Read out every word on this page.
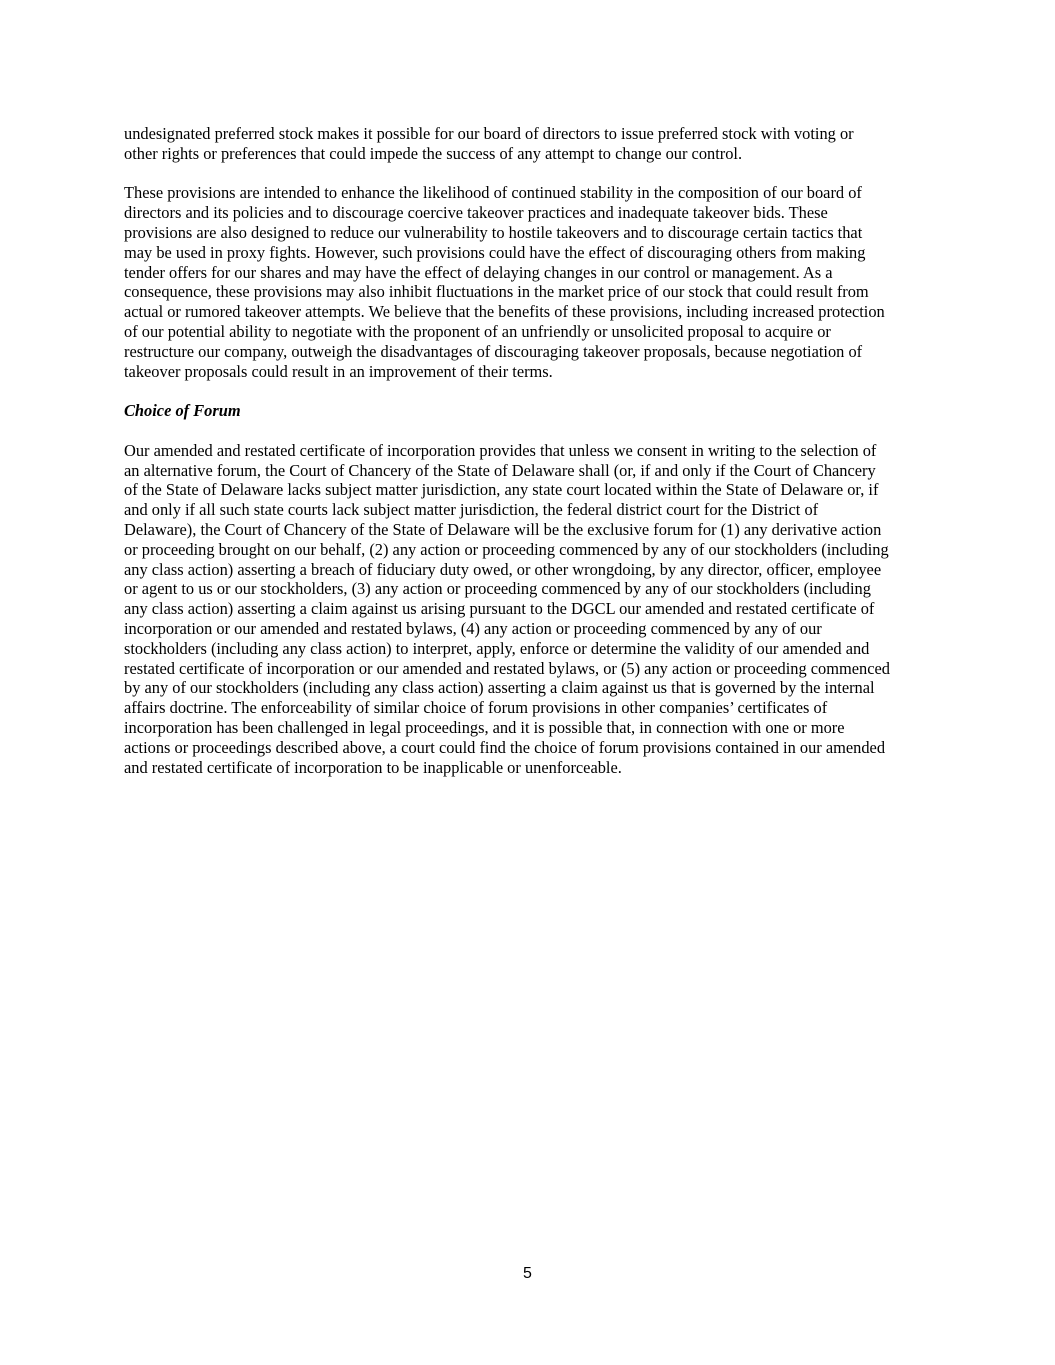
undesignated preferred stock makes it possible for our board of directors to issue preferred stock with voting or
other rights or preferences that could impede the success of any attempt to change our control.

These provisions are intended to enhance the likelihood of continued stability in the composition of our board of
directors and its policies and to discourage coercive takeover practices and inadequate takeover bids. These
provisions are also designed to reduce our vulnerability to hostile takeovers and to discourage certain tactics that
may be used in proxy fights. However, such provisions could have the effect of discouraging others from making
tender offers for our shares and may have the effect of delaying changes in our control or management. As a
consequence, these provisions may also inhibit fluctuations in the market price of our stock that could result from
actual or rumored takeover attempts. We believe that the benefits of these provisions, including increased protection
of our potential ability to negotiate with the proponent of an unfriendly or unsolicited proposal to acquire or
restructure our company, outweigh the disadvantages of discouraging takeover proposals, because negotiation of
takeover proposals could result in an improvement of their terms.

Choice of Forum

Our amended and restated certificate of incorporation provides that unless we consent in writing to the selection of
an alternative forum, the Court of Chancery of the State of Delaware shall (or, if and only if the Court of Chancery
of the State of Delaware lacks subject matter jurisdiction, any state court located within the State of Delaware or, if
and only if all such state courts lack subject matter jurisdiction, the federal district court for the District of
Delaware), the Court of Chancery of the State of Delaware will be the exclusive forum for (1) any derivative action
or proceeding brought on our behalf, (2) any action or proceeding commenced by any of our stockholders (including
any class action) asserting a breach of fiduciary duty owed, or other wrongdoing, by any director, officer, employee
or agent to us or our stockholders, (3) any action or proceeding commenced by any of our stockholders (including
any class action) asserting a claim against us arising pursuant to the DGCL our amended and restated certificate of
incorporation or our amended and restated bylaws, (4) any action or proceeding commenced by any of our
stockholders (including any class action) to interpret, apply, enforce or determine the validity of our amended and
restated certificate of incorporation or our amended and restated bylaws, or (5) any action or proceeding commenced
by any of our stockholders (including any class action) asserting a claim against us that is governed by the internal
affairs doctrine. The enforceability of similar choice of forum provisions in other companies’ certificates of
incorporation has been challenged in legal proceedings, and it is possible that, in connection with one or more
actions or proceedings described above, a court could find the choice of forum provisions contained in our amended
and restated certificate of incorporation to be inapplicable or unenforceable.

5
